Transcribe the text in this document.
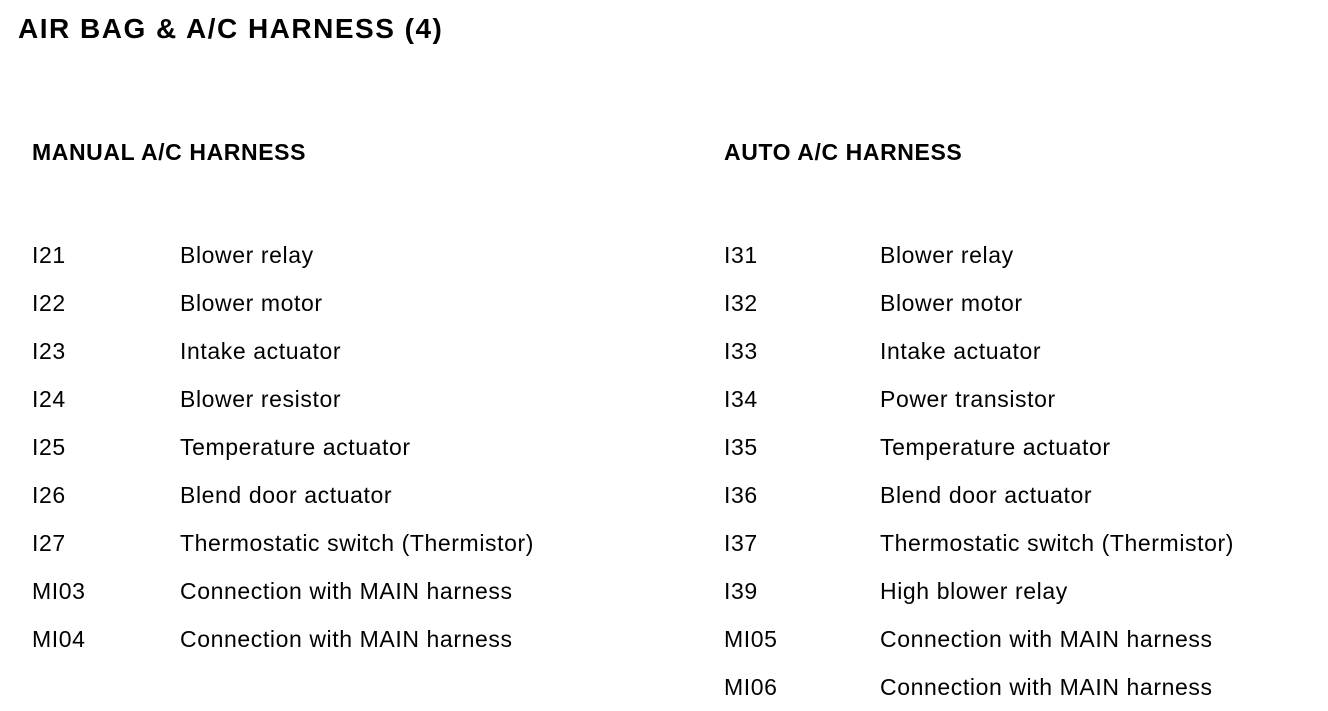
AIR BAG & A/C HARNESS (4)
MANUAL A/C HARNESS
I21	Blower relay
I22	Blower motor
I23	Intake actuator
I24	Blower resistor
I25	Temperature actuator
I26	Blend door actuator
I27	Thermostatic switch (Thermistor)
MI03	Connection with MAIN harness
MI04	Connection with MAIN harness
AUTO A/C HARNESS
I31	Blower relay
I32	Blower motor
I33	Intake actuator
I34	Power transistor
I35	Temperature actuator
I36	Blend door actuator
I37	Thermostatic switch (Thermistor)
I39	High blower relay
MI05	Connection with MAIN harness
MI06	Connection with MAIN harness
